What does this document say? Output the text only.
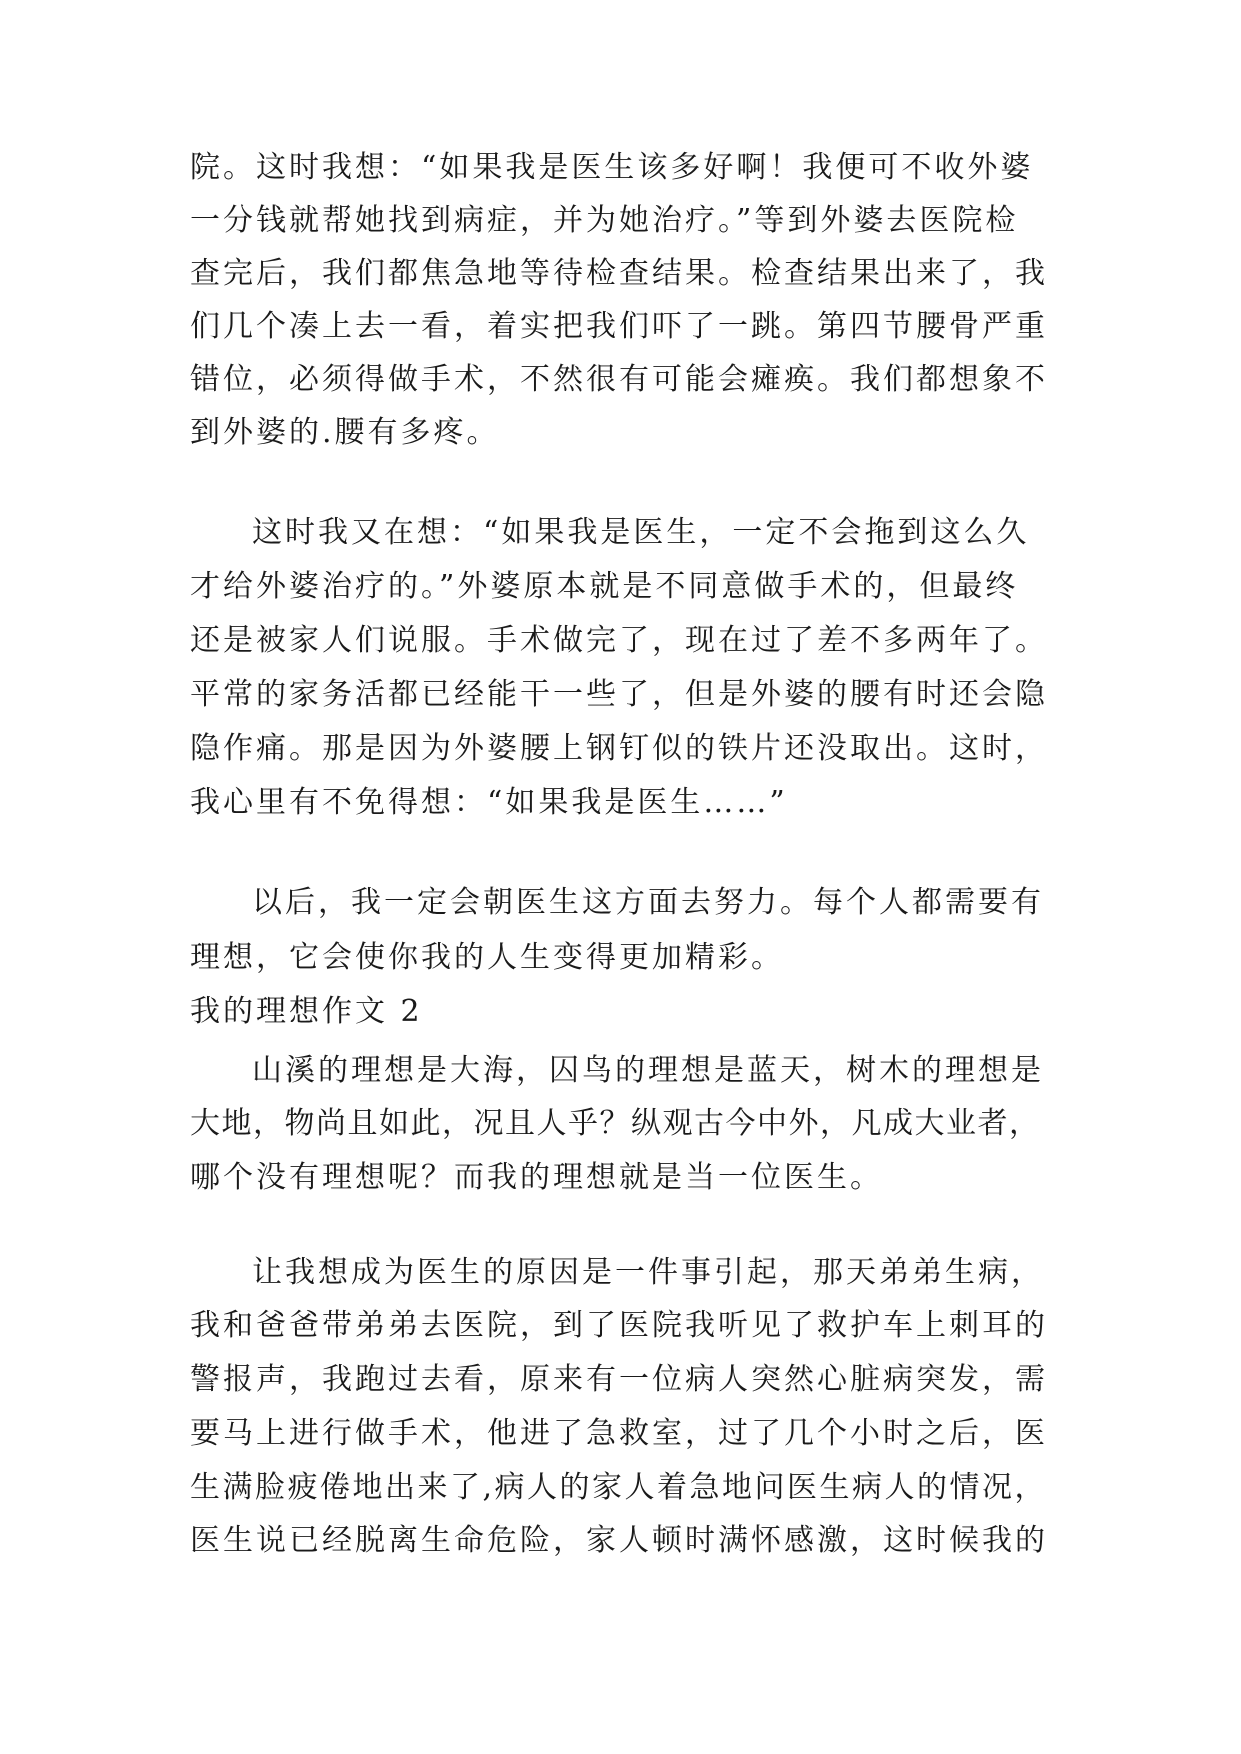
院。这时我想：“如果我是医生该多好啊！我便可不收外婆
一分钱就帮她找到病症，并为她治疗。”等到外婆去医院检
查完后，我们都焦急地等待检查结果。检查结果出来了，我
们几个凑上去一看，着实把我们吓了一跳。第四节腰骨严重
错位，必须得做手术，不然很有可能会瘫痪。我们都想象不
到外婆的.腰有多疼。
这时我又在想：“如果我是医生，一定不会拖到这么久
才给外婆治疗的。”外婆原本就是不同意做手术的，但最终
还是被家人们说服。手术做完了，现在过了差不多两年了。
平常的家务活都已经能干一些了，但是外婆的腰有时还会隐
隐作痛。那是因为外婆腰上钢钉似的铁片还没取出。这时，
我心里有不免得想：“如果我是医生……”
以后，我一定会朝医生这方面去努力。每个人都需要有
理想，它会使你我的人生变得更加精彩。
我的理想作文 2
山溪的理想是大海，囚鸟的理想是蓝天，树木的理想是
大地，物尚且如此，况且人乎？纵观古今中外，凡成大业者，
哪个没有理想呢？而我的理想就是当一位医生。
让我想成为医生的原因是一件事引起，那天弟弟生病，
我和爸爸带弟弟去医院，到了医院我听见了救护车上刺耳的
警报声，我跑过去看，原来有一位病人突然心脏病突发，需
要马上进行做手术，他进了急救室，过了几个小时之后，医
生满脸疲倦地出来了,病人的家人着急地问医生病人的情况，
医生说已经脱离生命危险，家人顿时满怀感激，这时候我的
